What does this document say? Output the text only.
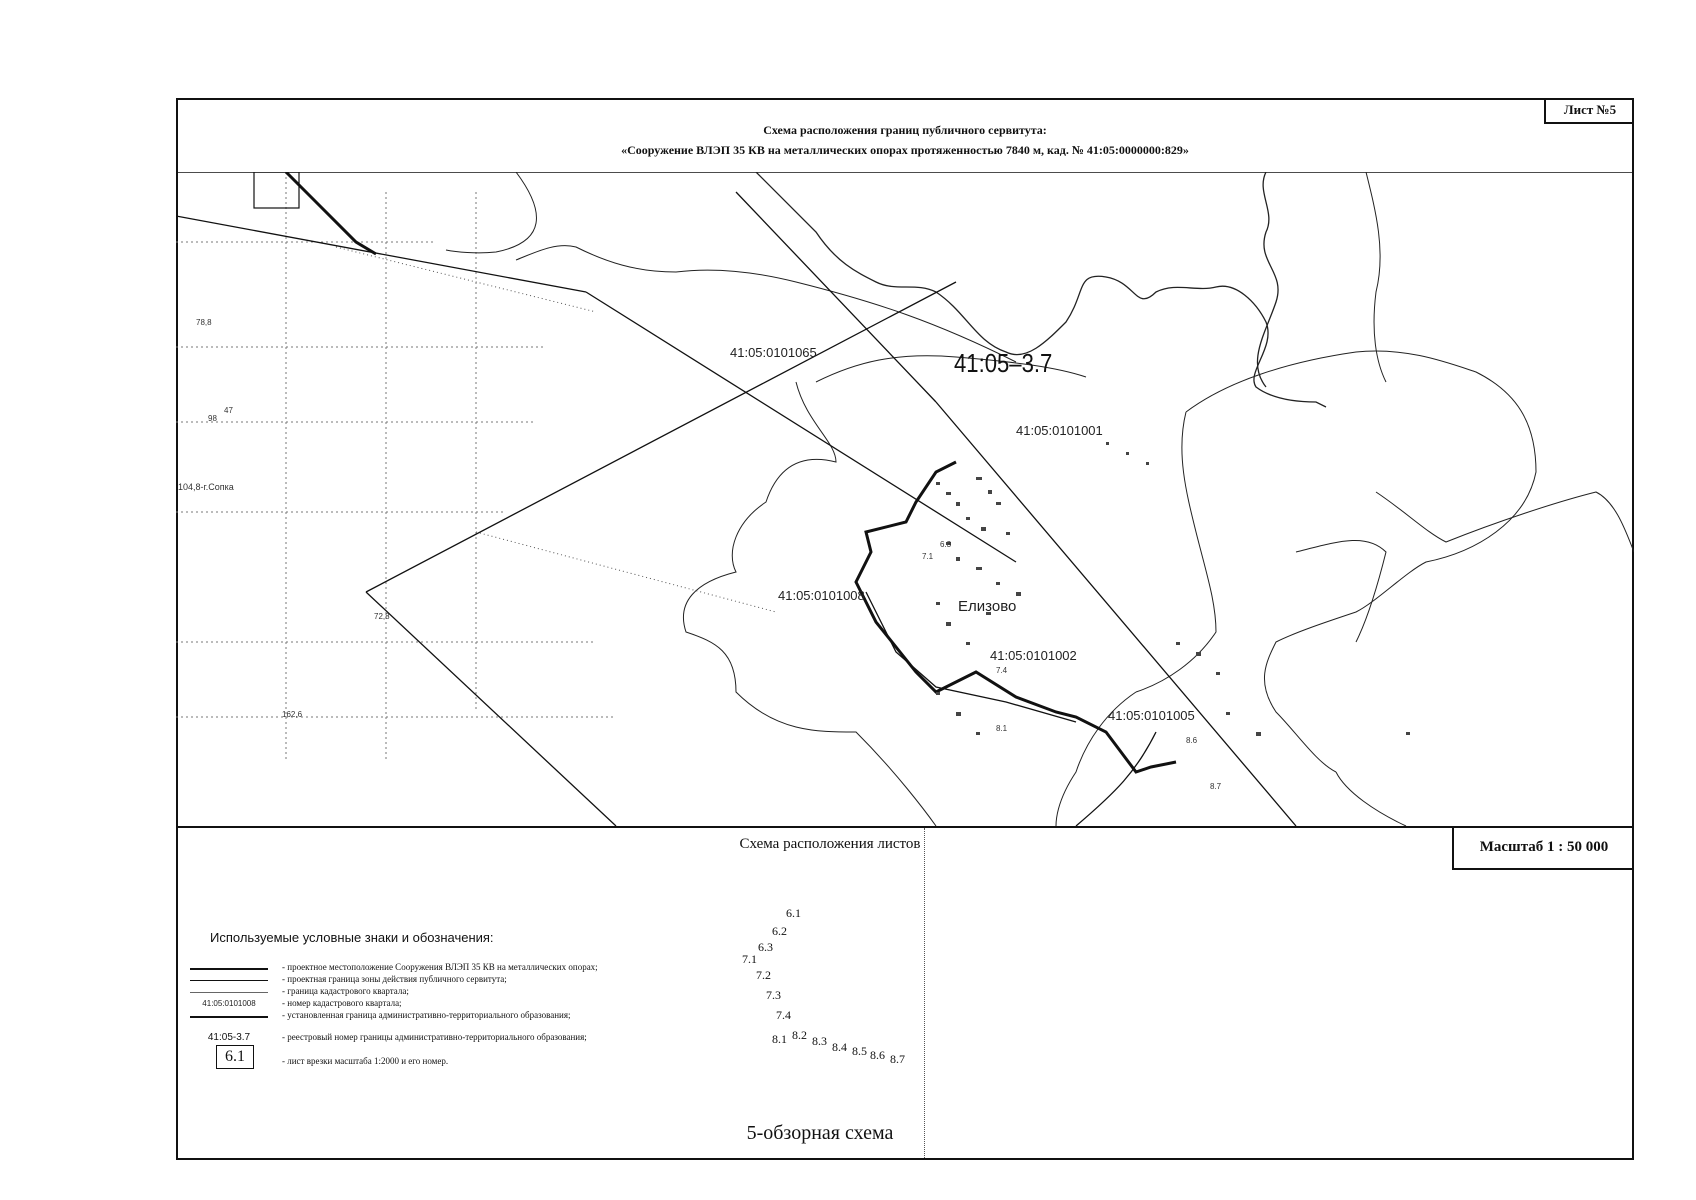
Лист №5
Схема расположения границ публичного сервитута:
«Сооружение ВЛЭП 35 КВ на металлических опорах протяженностью 7840 м, кад. № 41:05:0000000:829»
41:05:0101065
41:05:0101001
41:05:0101008
41:05:0101002
41:05:0101005
41:05–3.7
Елизово
104,8-г.Сопка
98
47
78,8
72,8
162,6
6.3
7.4
8.1
8.6
8.7
7.1
Масштаб 1 : 50 000
Схема расположения листов
5-обзорная схема
6.1
6.2
6.3
7.1
7.2
7.3
7.4
8.1 8.2 8.3 8.4 8.5 8.6 8.7
Используемые условные знаки и обозначения:
- проектное местоположение Сооружения ВЛЭП 35 КВ на металлических опорах;
- проектная граница зоны действия публичного сервитута;
- граница кадастрового квартала;
41:05:0101008	- номер кадастрового квартала;
- установленная граница административно-территориального образования;
41:05-3.7	- реестровый номер границы административно-территориального образования;
6.1	- лист врезки масштаба 1:2000 и его номер.
